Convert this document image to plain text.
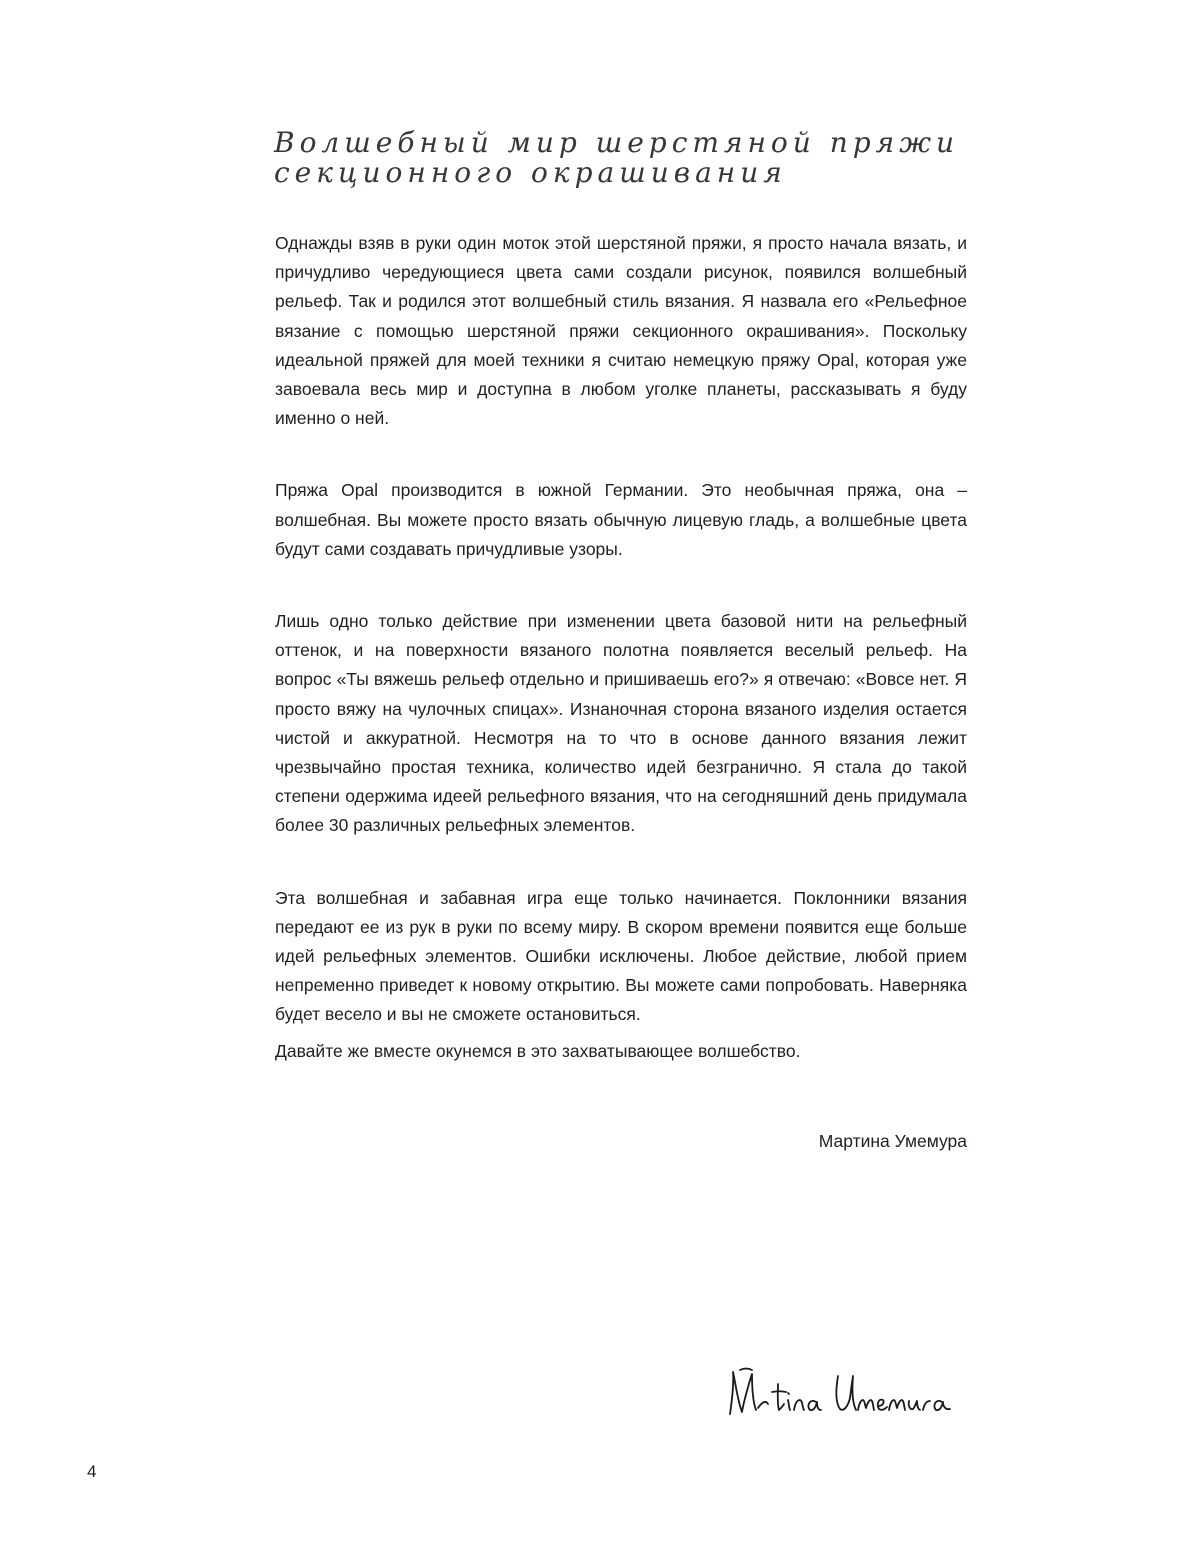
Волшебный мир шерстяной пряжи
секционного окрашивания

Однажды взяв в руки один моток этой шерстяной пряжи, я просто начала вязать, и причудливо чередующиеся цвета сами создали рисунок, появился волшебный рельеф. Так и родился этот волшебный стиль вязания. Я назвала его «Рельефное вязание с помощью шерстяной пряжи секционного окрашивания». Поскольку идеальной пряжей для моей техники я считаю немецкую пряжу Opal, которая уже завоевала весь мир и доступна в любом уголке планеты, рассказывать я буду именно о ней.

Пряжа Opal производится в южной Германии. Это необычная пряжа, она – волшебная. Вы можете просто вязать обычную лицевую гладь, а волшебные цвета будут сами создавать причудливые узоры.

Лишь одно только действие при изменении цвета базовой нити на рельефный оттенок, и на поверхности вязаного полотна появляется веселый рельеф. На вопрос «Ты вяжешь рельеф отдельно и пришиваешь его?» я отвечаю: «Вовсе нет. Я просто вяжу на чулочных спицах». Изнаночная сторона вязаного изделия остается чистой и аккуратной. Несмотря на то что в основе данного вязания лежит чрезвычайно простая техника, количество идей безгранично. Я стала до такой степени одержима идеей рельефного вязания, что на сегодняшний день придумала более 30 различных рельефных элементов.

Эта волшебная и забавная игра еще только начинается. Поклонники вязания передают ее из рук в руки по всему миру. В скором времени появится еще больше идей рельефных элементов. Ошибки исключены. Любое действие, любой прием непременно приведет к новому открытию. Вы можете сами попробовать. Наверняка будет весело и вы не сможете остановиться.

Давайте же вместе окунемся в это захватывающее волшебство.

Мартина Умемура

4
